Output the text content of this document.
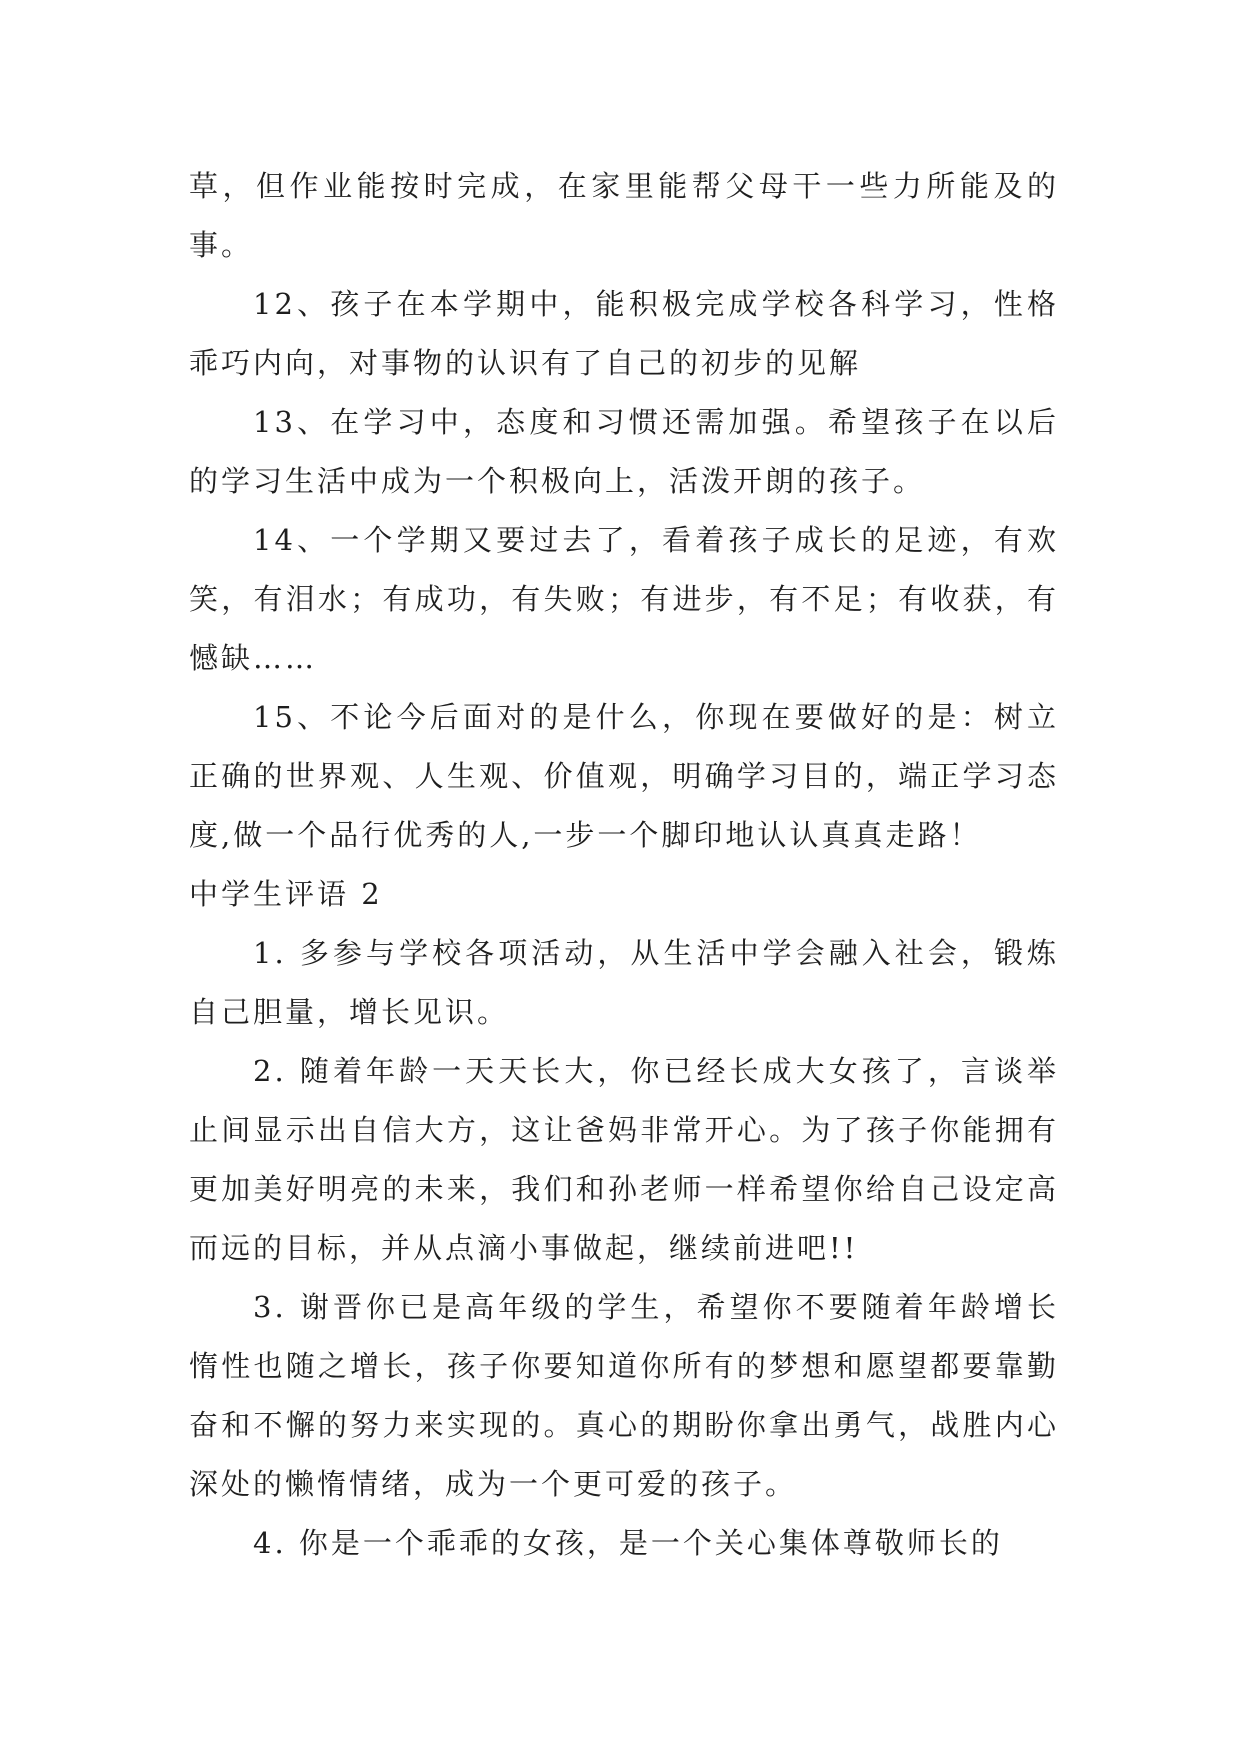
草，但作业能按时完成，在家里能帮父母干一些力所能及的事。

12、孩子在本学期中，能积极完成学校各科学习，性格乖巧内向，对事物的认识有了自己的初步的见解

13、在学习中，态度和习惯还需加强。希望孩子在以后的学习生活中成为一个积极向上，活泼开朗的孩子。

14、一个学期又要过去了，看着孩子成长的足迹，有欢笑，有泪水；有成功，有失败；有进步，有不足；有收获，有憾缺……

15、不论今后面对的是什么，你现在要做好的是：树立正确的世界观、人生观、价值观，明确学习目的，端正学习态度,做一个品行优秀的人,一步一个脚印地认认真真走路！

中学生评语 2

1. 多参与学校各项活动，从生活中学会融入社会，锻炼自己胆量，增长见识。

2. 随着年龄一天天长大，你已经长成大女孩了，言谈举止间显示出自信大方，这让爸妈非常开心。为了孩子你能拥有更加美好明亮的未来，我们和孙老师一样希望你给自己设定高而远的目标，并从点滴小事做起，继续前进吧!!

3. 谢晋你已是高年级的学生，希望你不要随着年龄增长惰性也随之增长，孩子你要知道你所有的梦想和愿望都要靠勤奋和不懈的努力来实现的。真心的期盼你拿出勇气，战胜内心深处的懒惰情绪，成为一个更可爱的孩子。

4. 你是一个乖乖的女孩，是一个关心集体尊敬师长的
